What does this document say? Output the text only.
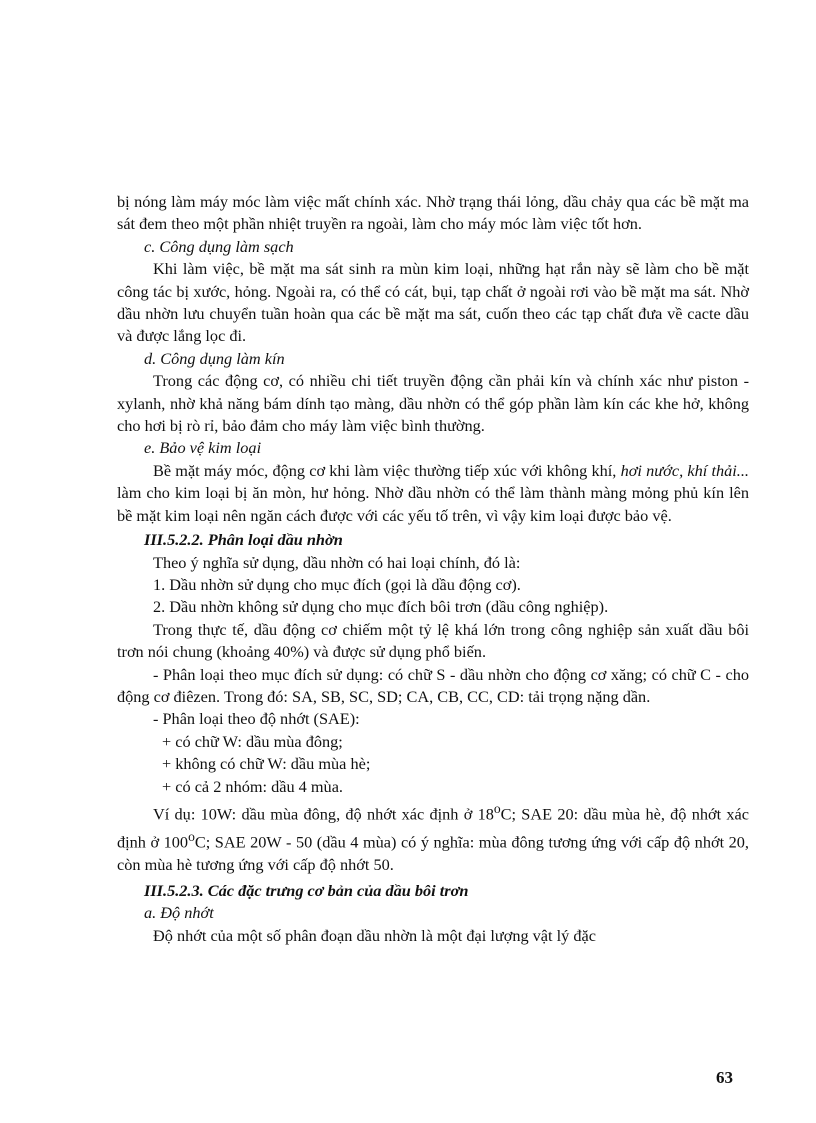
bị nóng làm máy móc làm việc mất chính xác. Nhờ trạng thái lỏng, dầu chảy qua các bề mặt ma sát đem theo một phần nhiệt truyền ra ngoài, làm cho máy móc làm việc tốt hơn.

c. Công dụng làm sạch

Khi làm việc, bề mặt ma sát sinh ra mùn kim loại, những hạt rắn này sẽ làm cho bề mặt công tác bị xước, hỏng. Ngoài ra, có thể có cát, bụi, tạp chất ở ngoài rơi vào bề mặt ma sát. Nhờ dầu nhờn lưu chuyển tuần hoàn qua các bề mặt ma sát, cuốn theo các tạp chất đưa về cacte dầu và được lắng lọc đi.

d. Công dụng làm kín

Trong các động cơ, có nhiều chi tiết truyền động cần phải kín và chính xác như piston - xylanh, nhờ khả năng bám dính tạo màng, dầu nhờn có thể góp phần làm kín các khe hở, không cho hơi bị rò rỉ, bảo đảm cho máy làm việc bình thường.

e. Bảo vệ kim loại

Bề mặt máy móc, động cơ khi làm việc thường tiếp xúc với không khí, hơi nước, khí thải... làm cho kim loại bị ăn mòn, hư hỏng. Nhờ dầu nhờn có thể làm thành màng mỏng phủ kín lên bề mặt kim loại nên ngăn cách được với các yếu tố trên, vì vậy kim loại được bảo vệ.

III.5.2.2. Phân loại dầu nhờn

Theo ý nghĩa sử dụng, dầu nhờn có hai loại chính, đó là:

1. Dầu nhờn sử dụng cho mục đích (gọi là dầu động cơ).

2. Dầu nhờn không sử dụng cho mục đích bôi trơn (dầu công nghiệp).

Trong thực tế, dầu động cơ chiếm một tỷ lệ khá lớn trong công nghiệp sản xuất dầu bôi trơn nói chung (khoảng 40%) và được sử dụng phổ biến.

- Phân loại theo mục đích sử dụng: có chữ S - dầu nhờn cho động cơ xăng; có chữ C - cho động cơ điêzen. Trong đó: SA, SB, SC, SD; CA, CB, CC, CD: tải trọng nặng dần.

- Phân loại theo độ nhớt (SAE):

+ có chữ W: dầu mùa đông;

+ không có chữ W: dầu mùa hè;

+ có cả 2 nhóm: dầu 4 mùa.

Ví dụ: 10W: dầu mùa đông, độ nhớt xác định ở 18$^o$C; SAE 20: dầu mùa hè, độ nhớt xác định ở 100$^o$C; SAE 20W - 50 (dầu 4 mùa) có ý nghĩa: mùa đông tương ứng với cấp độ nhớt 20, còn mùa hè tương ứng với cấp độ nhớt 50.

III.5.2.3. Các đặc trưng cơ bản của dầu bôi trơn

a. Độ nhớt

Độ nhớt của một số phân đoạn dầu nhờn là một đại lượng vật lý đặc

63
